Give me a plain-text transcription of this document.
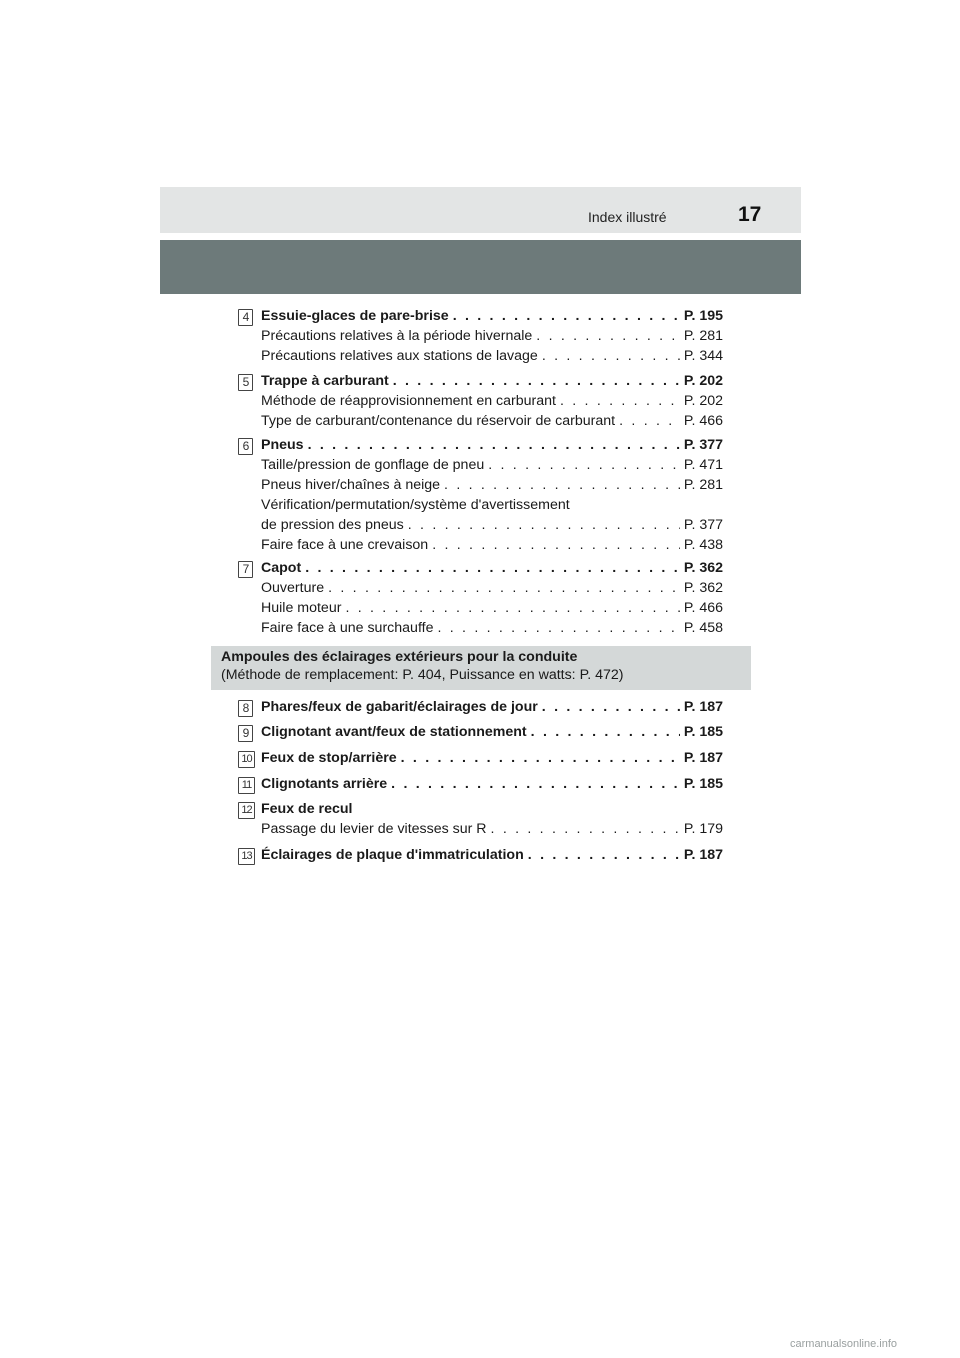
Index illustré	17
4 Essuie-glaces de pare-brise . . .	P. 195
Précautions relatives à la période hivernale . . .	P. 281
Précautions relatives aux stations de lavage . . .	P. 344
5 Trappe à carburant . . .	P. 202
Méthode de réapprovisionnement en carburant . . .	P. 202
Type de carburant/contenance du réservoir de carburant . . .	P. 466
6 Pneus . . .	P. 377
Taille/pression de gonflage de pneu . . .	P. 471
Pneus hiver/chaînes à neige . . .	P. 281
Vérification/permutation/système d'avertissement
de pression des pneus . . .	P. 377
Faire face à une crevaison . . .	P. 438
7 Capot . . .	P. 362
Ouverture . . .	P. 362
Huile moteur . . .	P. 466
Faire face à une surchauffe . . .	P. 458
Ampoules des éclairages extérieurs pour la conduite
(Méthode de remplacement: P. 404, Puissance en watts: P. 472)
8 Phares/feux de gabarit/éclairages de jour . . .	P. 187
9 Clignotant avant/feux de stationnement . . .	P. 185
10 Feux de stop/arrière . . .	P. 187
11 Clignotants arrière . . .	P. 185
12 Feux de recul
Passage du levier de vitesses sur R . . .	P. 179
13 Éclairages de plaque d'immatriculation . . .	P. 187
carmanualsonline.info
